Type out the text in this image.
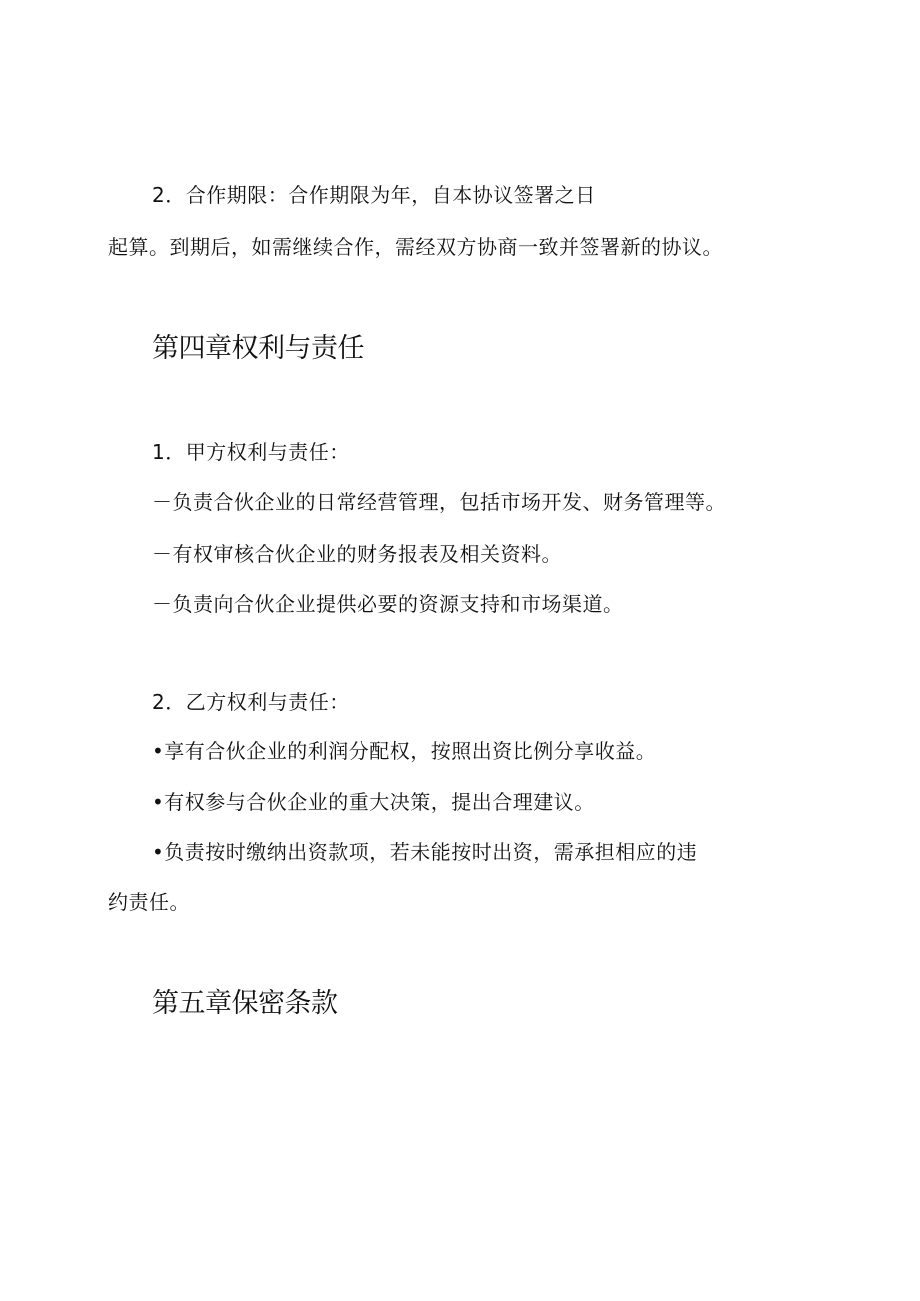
2．合作期限：合作期限为年，自本协议签署之日
起算。到期后，如需继续合作，需经双方协商一致并签署新的协议。
第四章权利与责任
1．甲方权利与责任：
－负责合伙企业的日常经营管理，包括市场开发、财务管理等。
－有权审核合伙企业的财务报表及相关资料。
－负责向合伙企业提供必要的资源支持和市场渠道。
2．乙方权利与责任：
•享有合伙企业的利润分配权，按照出资比例分享收益。
•有权参与合伙企业的重大决策，提出合理建议。
•负责按时缴纳出资款项，若未能按时出资，需承担相应的违
约责任。
第五章保密条款
